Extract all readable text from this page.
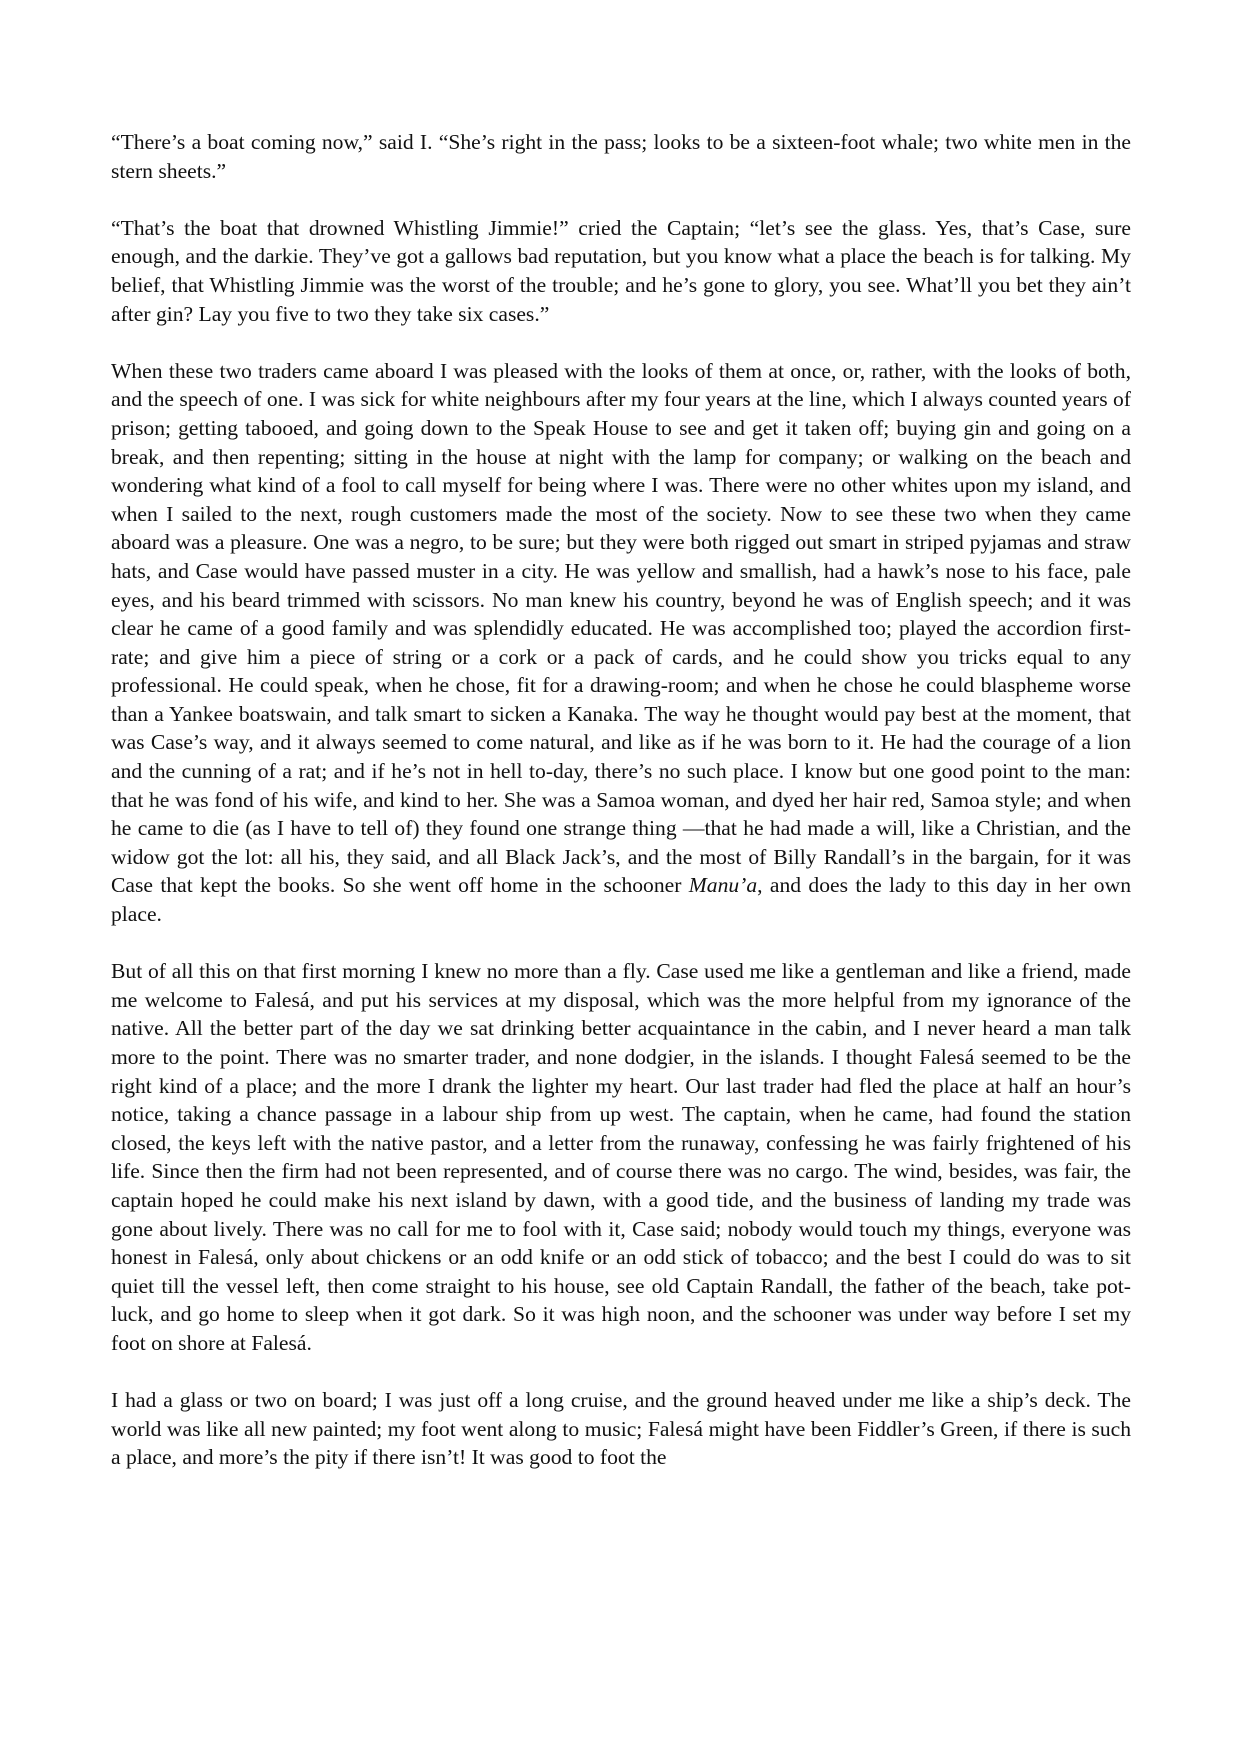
“There’s a boat coming now,” said I. “She’s right in the pass; looks to be a sixteen-foot whale; two white men in the stern sheets.”

“That’s the boat that drowned Whistling Jimmie!” cried the Captain; “let’s see the glass. Yes, that’s Case, sure enough, and the darkie. They’ve got a gallows bad reputation, but you know what a place the beach is for talking. My belief, that Whistling Jimmie was the worst of the trouble; and he’s gone to glory, you see. What’ll you bet they ain’t after gin? Lay you five to two they take six cases.”

When these two traders came aboard I was pleased with the looks of them at once, or, rather, with the looks of both, and the speech of one. I was sick for white neighbours after my four years at the line, which I always counted years of prison; getting tabooed, and going down to the Speak House to see and get it taken off; buying gin and going on a break, and then repenting; sitting in the house at night with the lamp for company; or walking on the beach and wondering what kind of a fool to call myself for being where I was. There were no other whites upon my island, and when I sailed to the next, rough customers made the most of the society. Now to see these two when they came aboard was a pleasure. One was a negro, to be sure; but they were both rigged out smart in striped pyjamas and straw hats, and Case would have passed muster in a city. He was yellow and smallish, had a hawk’s nose to his face, pale eyes, and his beard trimmed with scissors. No man knew his country, beyond he was of English speech; and it was clear he came of a good family and was splendidly educated. He was accomplished too; played the accordion first-rate; and give him a piece of string or a cork or a pack of cards, and he could show you tricks equal to any professional. He could speak, when he chose, fit for a drawing-room; and when he chose he could blaspheme worse than a Yankee boatswain, and talk smart to sicken a Kanaka. The way he thought would pay best at the moment, that was Case’s way, and it always seemed to come natural, and like as if he was born to it. He had the courage of a lion and the cunning of a rat; and if he’s not in hell to-day, there’s no such place. I know but one good point to the man: that he was fond of his wife, and kind to her. She was a Samoa woman, and dyed her hair red, Samoa style; and when he came to die (as I have to tell of) they found one strange thing —that he had made a will, like a Christian, and the widow got the lot: all his, they said, and all Black Jack’s, and the most of Billy Randall’s in the bargain, for it was Case that kept the books. So she went off home in the schooner Manu’a, and does the lady to this day in her own place.

But of all this on that first morning I knew no more than a fly. Case used me like a gentleman and like a friend, made me welcome to Falesá, and put his services at my disposal, which was the more helpful from my ignorance of the native. All the better part of the day we sat drinking better acquaintance in the cabin, and I never heard a man talk more to the point. There was no smarter trader, and none dodgier, in the islands. I thought Falesá seemed to be the right kind of a place; and the more I drank the lighter my heart. Our last trader had fled the place at half an hour’s notice, taking a chance passage in a labour ship from up west. The captain, when he came, had found the station closed, the keys left with the native pastor, and a letter from the runaway, confessing he was fairly frightened of his life. Since then the firm had not been represented, and of course there was no cargo. The wind, besides, was fair, the captain hoped he could make his next island by dawn, with a good tide, and the business of landing my trade was gone about lively. There was no call for me to fool with it, Case said; nobody would touch my things, everyone was honest in Falesá, only about chickens or an odd knife or an odd stick of tobacco; and the best I could do was to sit quiet till the vessel left, then come straight to his house, see old Captain Randall, the father of the beach, take pot-luck, and go home to sleep when it got dark. So it was high noon, and the schooner was under way before I set my foot on shore at Falesá.

I had a glass or two on board; I was just off a long cruise, and the ground heaved under me like a ship’s deck. The world was like all new painted; my foot went along to music; Falesá might have been Fiddler’s Green, if there is such a place, and more’s the pity if there isn’t! It was good to foot the
